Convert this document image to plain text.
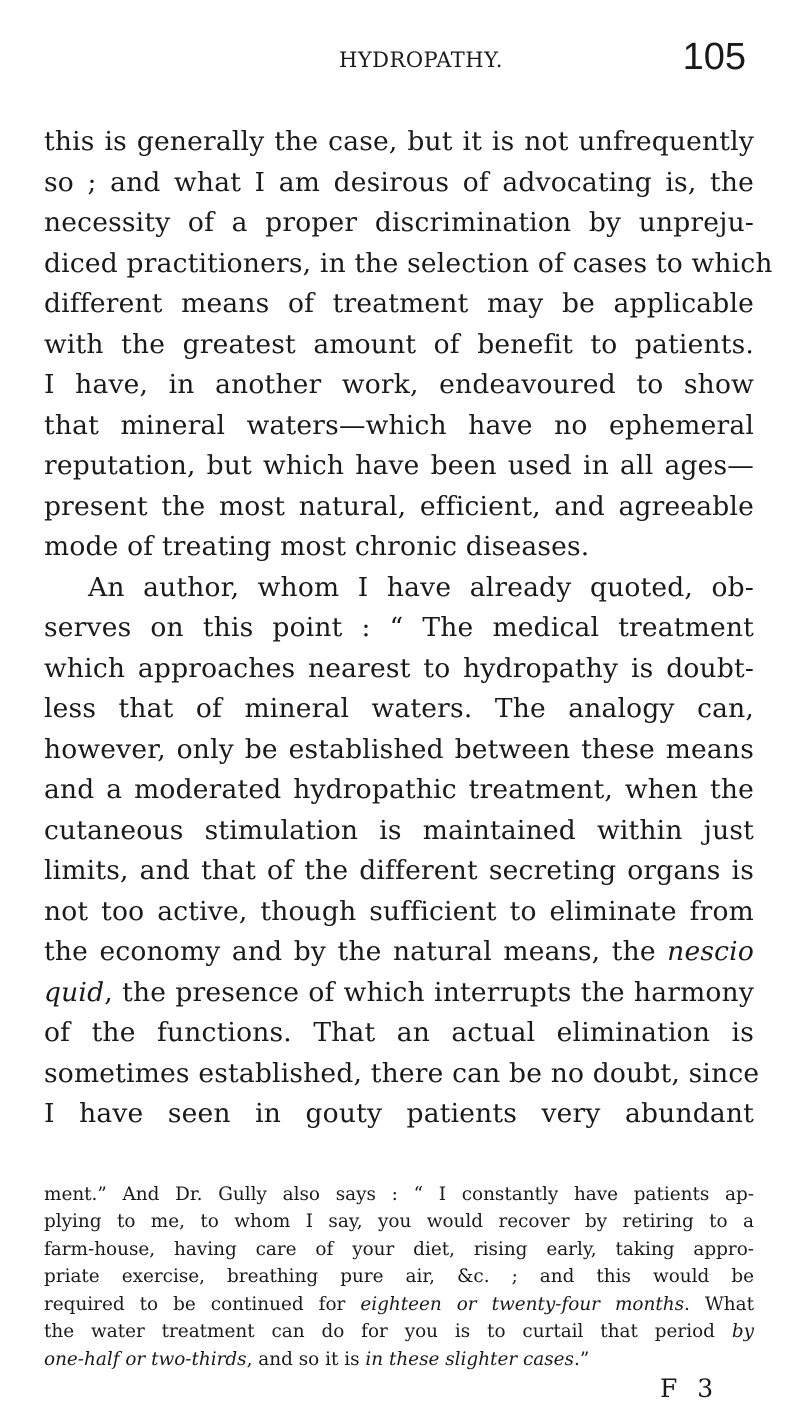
HYDROPATHY.	105
this is generally the case, but it is not unfrequently
so ; and what I am desirous of advocating is, the
necessity of a proper discrimination by unpreju-
diced practitioners, in the selection of cases to which
different means of treatment may be applicable
with the greatest amount of benefit to patients.
I have, in another work, endeavoured to show
that mineral waters—which have no ephemeral
reputation, but which have been used in all ages—
present the most natural, efficient, and agreeable
mode of treating most chronic diseases.
An author, whom I have already quoted, ob-
serves on this point : “ The medical treatment
which approaches nearest to hydropathy is doubt-
less that of mineral waters. The analogy can,
however, only be established between these means
and a moderated hydropathic treatment, when the
cutaneous stimulation is maintained within just
limits, and that of the different secreting organs is
not too active, though sufficient to eliminate from
the economy and by the natural means, the nescio
quid, the presence of which interrupts the harmony
of the functions. That an actual elimination is
sometimes established, there can be no doubt, since
I have seen in gouty patients very abundant
ment.” And Dr. Gully also says : “ I constantly have patients ap-
plying to me, to whom I say, you would recover by retiring to a
farm-house, having care of your diet, rising early, taking appro-
priate exercise, breathing pure air, &c. ; and this would be
required to be continued for eighteen or twenty-four months. What
the water treatment can do for you is to curtail that period by
one-half or two-thirds, and so it is in these slighter cases.”
F 3
